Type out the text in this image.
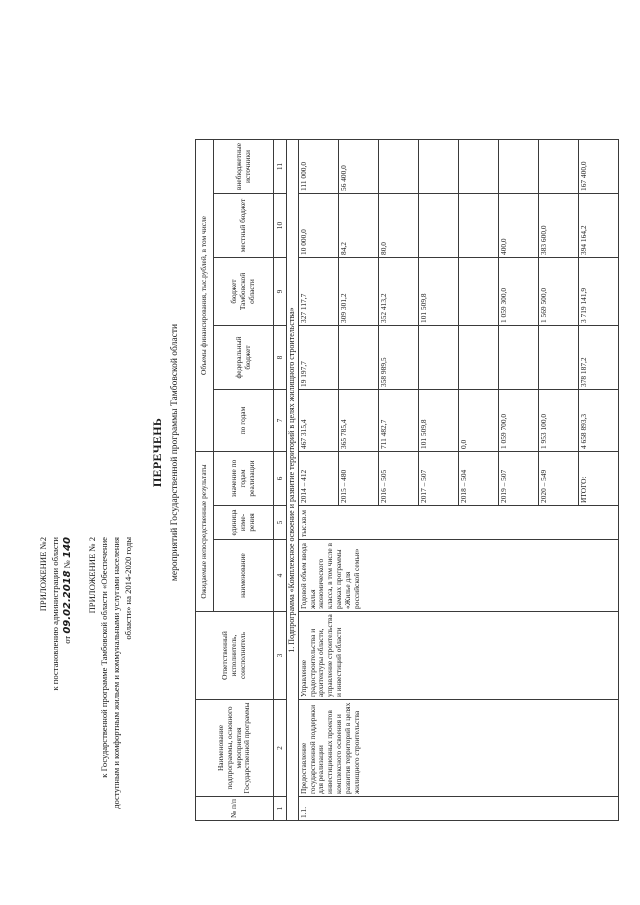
ПРИЛОЖЕНИЕ №2 к постановлению администрации области от 09.02.2018 № 140 ПРИЛОЖЕНИЕ № 2 к Государственной программе Тамбовской области «Обеспечение доступным и комфортным жильем и коммунальными услугами населения области» на 2014-2020 годы
ПЕРЕЧЕНЬ мероприятий Государственной программы Тамбовской области
№ п/п	Наименование подпрограммы, основного мероприятия Государственной программы	Ответственный исполнитель, соисполнитель	Ожидаемые непосредственные результаты			Объемы финансирования, тыс.рублей, в том числе				
			наименование	единица изме-рения	значение по годам реализации	по годам	федеральный бюджет	бюджет Тамбовской области	местный бюджет	внебюджетные источники
1	2	3	4	5	6	7	8	9	10	11
1. Подпрограмма «Комплексное освоение и развитие территорий в целях жилищного строительства»										
1.1.	Предоставление государственной поддержки для реализации инвестиционных проектов комплексного освоения и развития территорий в целях жилищного строительства	Управление градостроительства и архитектуры области, управление строительства и инвестиций области	Годовой объем ввода жилья экономического класса, в том числе в рамках программы «Жилье для российской семьи»	тыс.кв.м	2014 – 412	467 315,4	19 197,7	327 117,7	10 000,0	111 000,0
					2015 – 480	365 785,4		309 301,2	84,2	56 400,0
					2016 – 505	711 482,7	358 989,5	352 413,2	80,0	
					2017 – 507	101 509,8		101 509,8		
					2018 – 504	0,0				
					2019 – 507	1 059 700,0		1 059 300,0	400,0	
					2020 – 549	1 953 100,0		1 569 500,0	383 600,0	
					ИТОГО:	4 658 893,3	378 187,2	3 719 141,9	394 164,2	167 400,0
